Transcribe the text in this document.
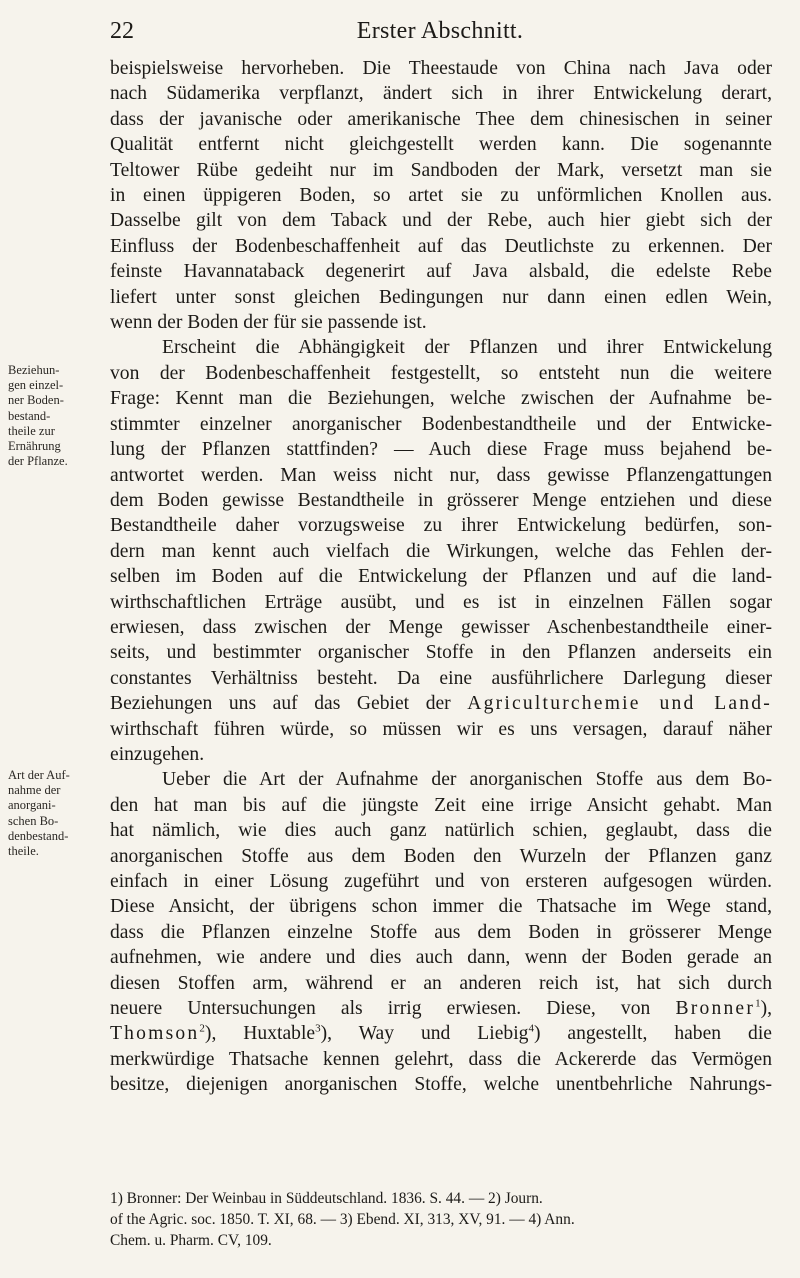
22	Erster Abschnitt.
Beziehun-
gen einzel-
ner Boden-
bestand-
theile zur
Ernährung
der Pflanze.
Art der Auf-
nahme der
anorgani-
schen Bo-
denbestand-
theile.

beispielsweise hervorheben. Die Theestaude von China nach Java oder
nach Südamerika verpflanzt, ändert sich in ihrer Entwickelung derart,
dass der javanische oder amerikanische Thee dem chinesischen in seiner
Qualität entfernt nicht gleichgestellt werden kann. Die sogenannte
Teltower Rübe gedeiht nur im Sandboden der Mark, versetzt man sie
in einen üppigeren Boden, so artet sie zu unförmlichen Knollen aus.
Dasselbe gilt von dem Taback und der Rebe, auch hier giebt sich der
Einfluss der Bodenbeschaffenheit auf das Deutlichste zu erkennen. Der
feinste Havannataback degenerirt auf Java alsbald, die edelste Rebe
liefert unter sonst gleichen Bedingungen nur dann einen edlen Wein,
wenn der Boden der für sie passende ist.

Erscheint die Abhängigkeit der Pflanzen und ihrer Entwickelung
von der Bodenbeschaffenheit festgestellt, so entsteht nun die weitere
Frage: Kennt man die Beziehungen, welche zwischen der Aufnahme be-
stimmter einzelner anorganischer Bodenbestandtheile und der Entwicke-
lung der Pflanzen stattfinden? — Auch diese Frage muss bejahend be-
antwortet werden. Man weiss nicht nur, dass gewisse Pflanzengattungen
dem Boden gewisse Bestandtheile in grösserer Menge entziehen und diese
Bestandtheile daher vorzugsweise zu ihrer Entwickelung bedürfen, son-
dern man kennt auch vielfach die Wirkungen, welche das Fehlen der-
selben im Boden auf die Entwickelung der Pflanzen und auf die land-
wirthschaftlichen Erträge ausübt, und es ist in einzelnen Fällen sogar
erwiesen, dass zwischen der Menge gewisser Aschenbestandtheile einer-
seits, und bestimmter organischer Stoffe in den Pflanzen anderseits ein
constantes Verhältniss besteht. Da eine ausführlichere Darlegung dieser
Beziehungen uns auf das Gebiet der Agriculturchemie und Land-
wirthschaft führen würde, so müssen wir es uns versagen, darauf näher
einzugehen.

Ueber die Art der Aufnahme der anorganischen Stoffe aus dem Bo-
den hat man bis auf die jüngste Zeit eine irrige Ansicht gehabt. Man
hat nämlich, wie dies auch ganz natürlich schien, geglaubt, dass die
anorganischen Stoffe aus dem Boden den Wurzeln der Pflanzen ganz
einfach in einer Lösung zugeführt und von ersteren aufgesogen würden.
Diese Ansicht, der übrigens schon immer die Thatsache im Wege stand,
dass die Pflanzen einzelne Stoffe aus dem Boden in grösserer Menge
aufnehmen, wie andere und dies auch dann, wenn der Boden gerade an
diesen Stoffen arm, während er an anderen reich ist, hat sich durch
neuere Untersuchungen als irrig erwiesen. Diese, von Bronner$^1$),
Thomson$^2$), Huxtable$^3$), Way und Liebig$^4$) angestellt, haben die
merkwürdige Thatsache kennen gelehrt, dass die Ackererde das Vermögen
besitze, diejenigen anorganischen Stoffe, welche unentbehrliche Nahrungs-

1) Bronner: Der Weinbau in Süddeutschland. 1836. S. 44. — 2) Journ.
of the Agric. soc. 1850. T. XI, 68. — 3) Ebend. XI, 313, XV, 91. — 4) Ann.
Chem. u. Pharm. CV, 109.
